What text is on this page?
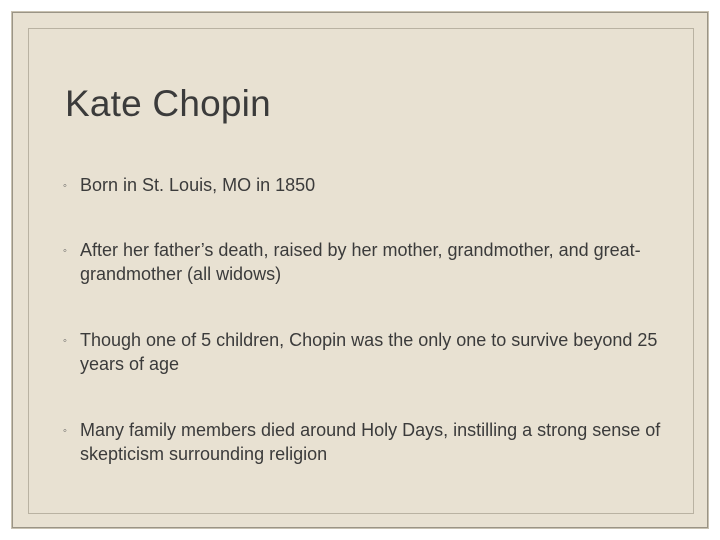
Kate Chopin
◦ Born in St. Louis, MO in 1850
◦ After her father’s death, raised by her mother, grandmother, and great-grandmother (all widows)
◦ Though one of 5 children, Chopin was the only one to survive beyond 25 years of age
◦ Many family members died around Holy Days, instilling a strong sense of skepticism surrounding religion
